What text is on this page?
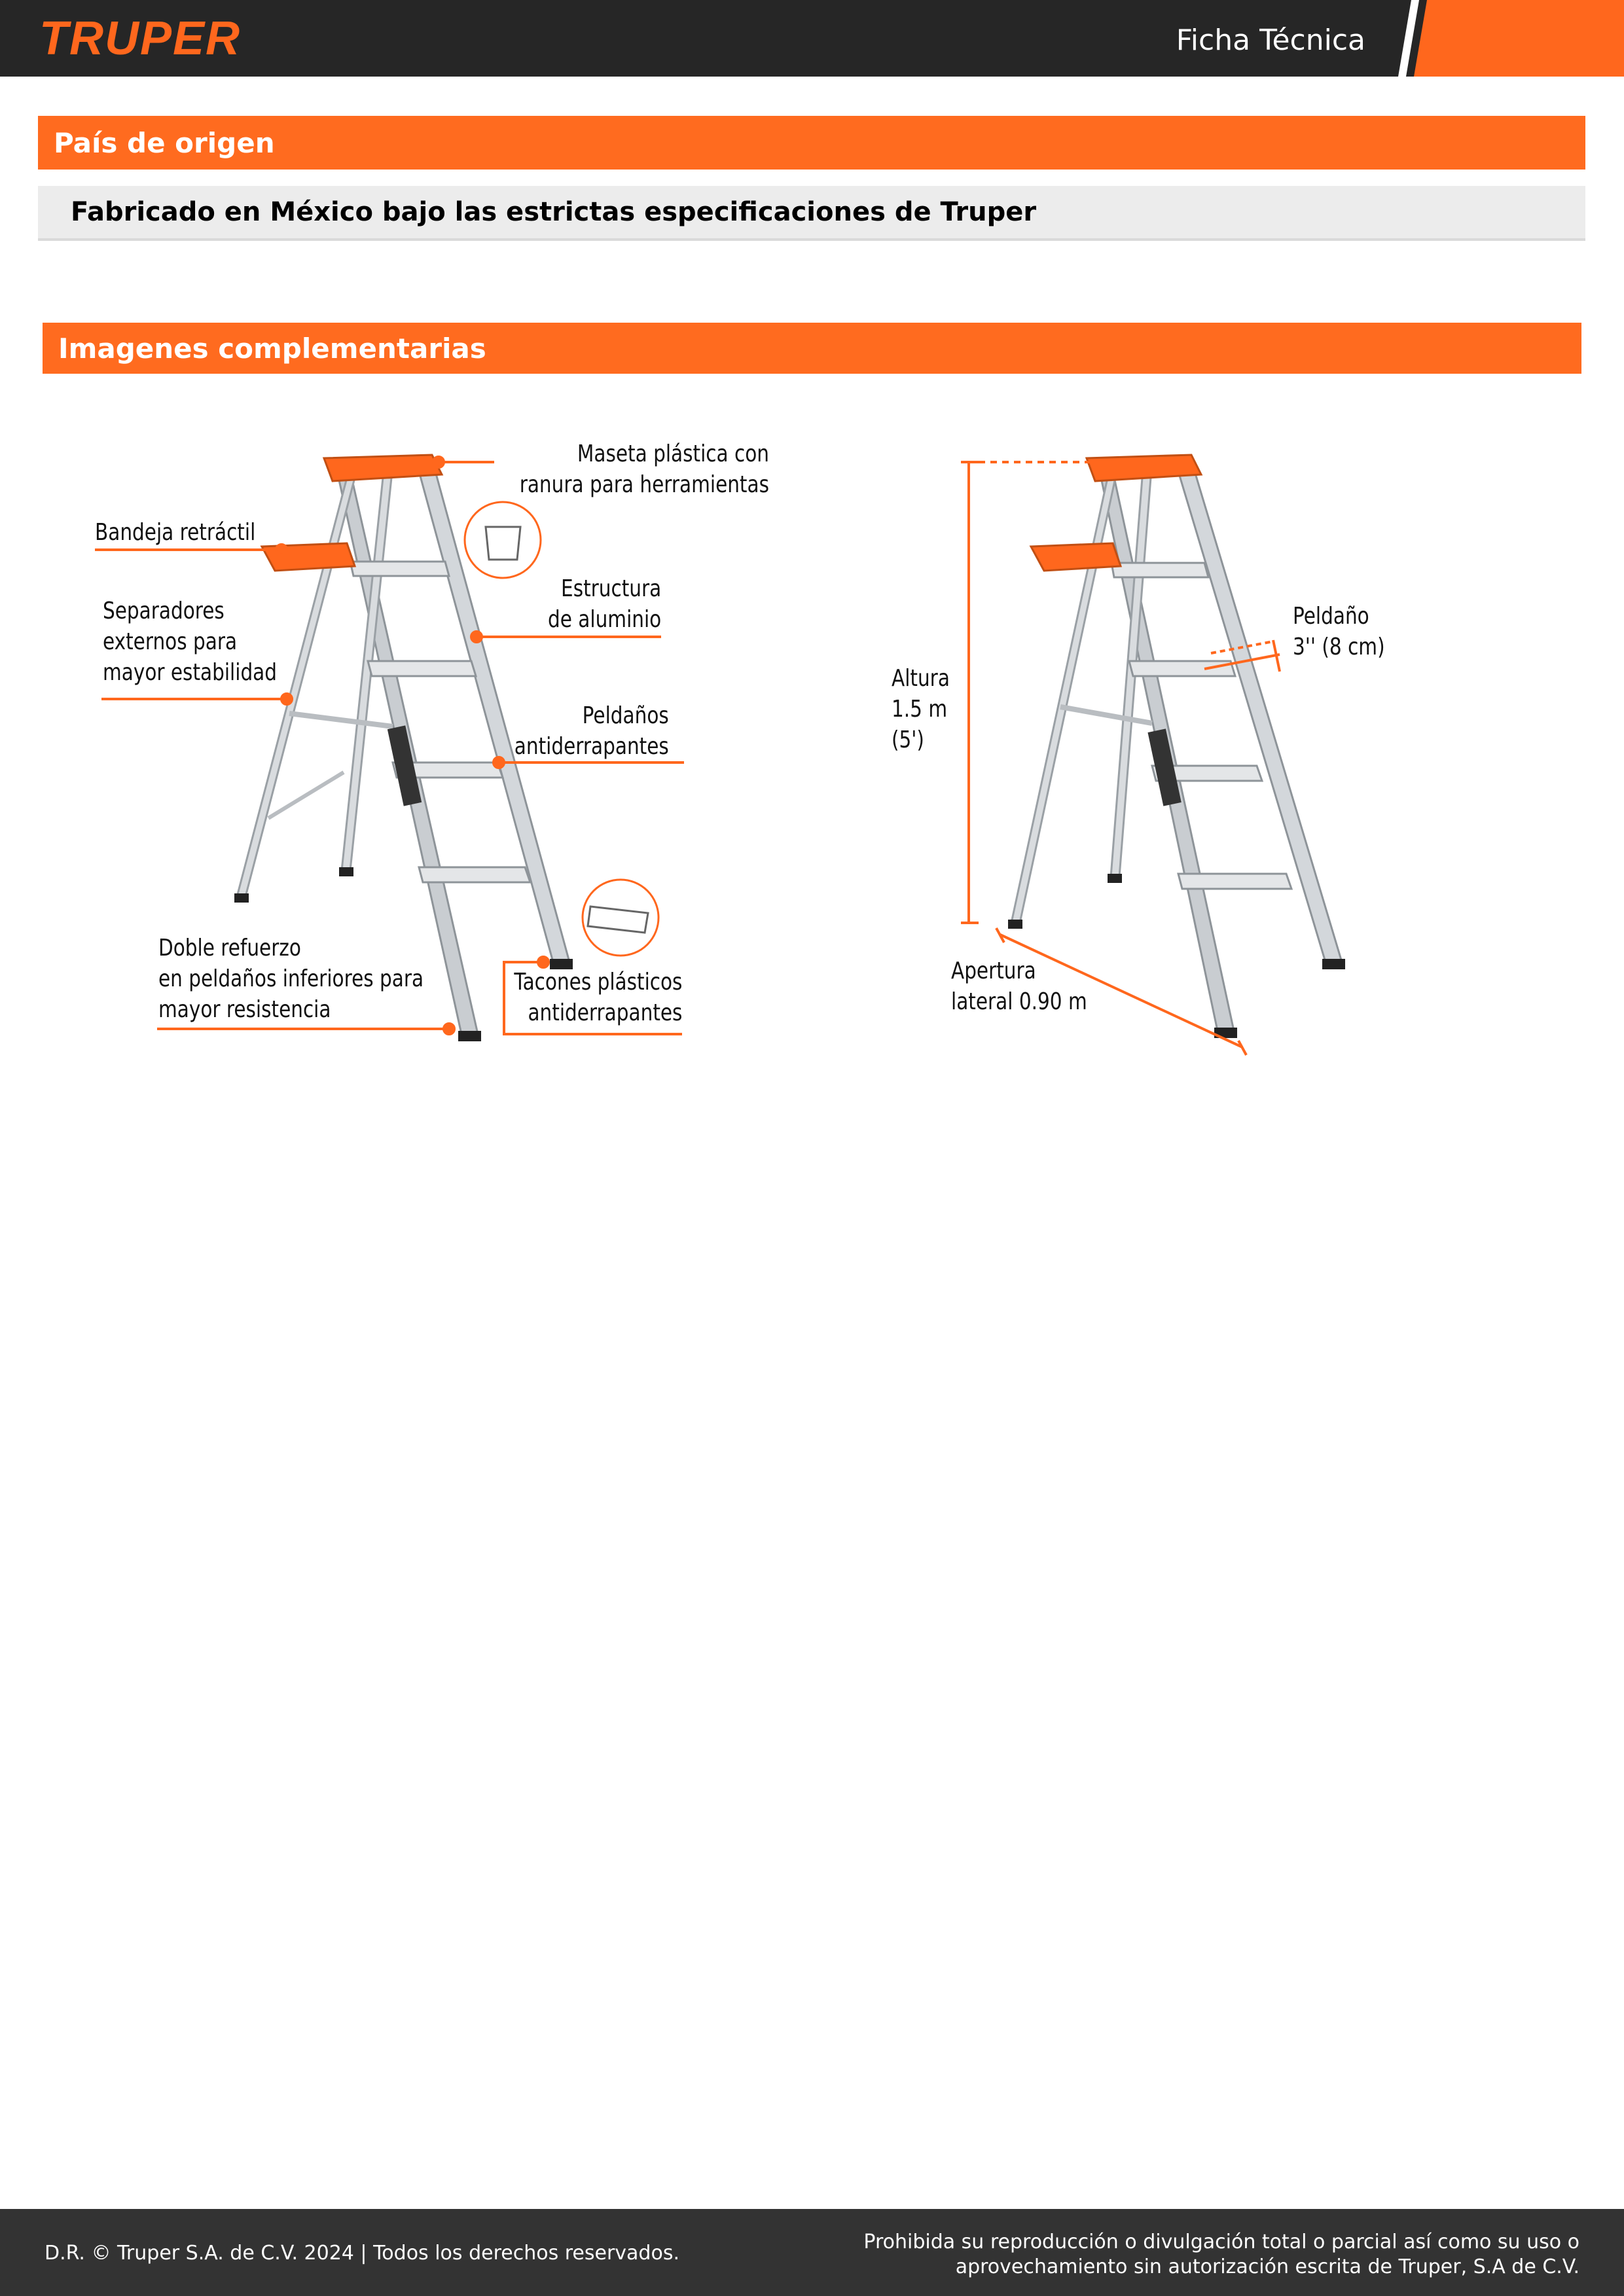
TRUPER	Ficha Técnica
País de origen
Fabricado en México bajo las estrictas especificaciones de Truper
Imagenes complementarias
Maseta plástica con
ranura para herramientas
Bandeja retráctil
Separadores
externos para
mayor estabilidad
Estructura
de aluminio
Peldaños
antiderrapantes
Doble refuerzo
en peldaños inferiores para
mayor resistencia
Tacones plásticos
antiderrapantes
Altura
1.5 m
(5')
Peldaño
3'' (8 cm)
Apertura
lateral 0.90 m
D.R. © Truper S.A. de C.V. 2024 | Todos los derechos reservados.	Prohibida su reproducción o divulgación total o parcial así como su uso o
aprovechamiento sin autorización escrita de Truper, S.A de C.V.
